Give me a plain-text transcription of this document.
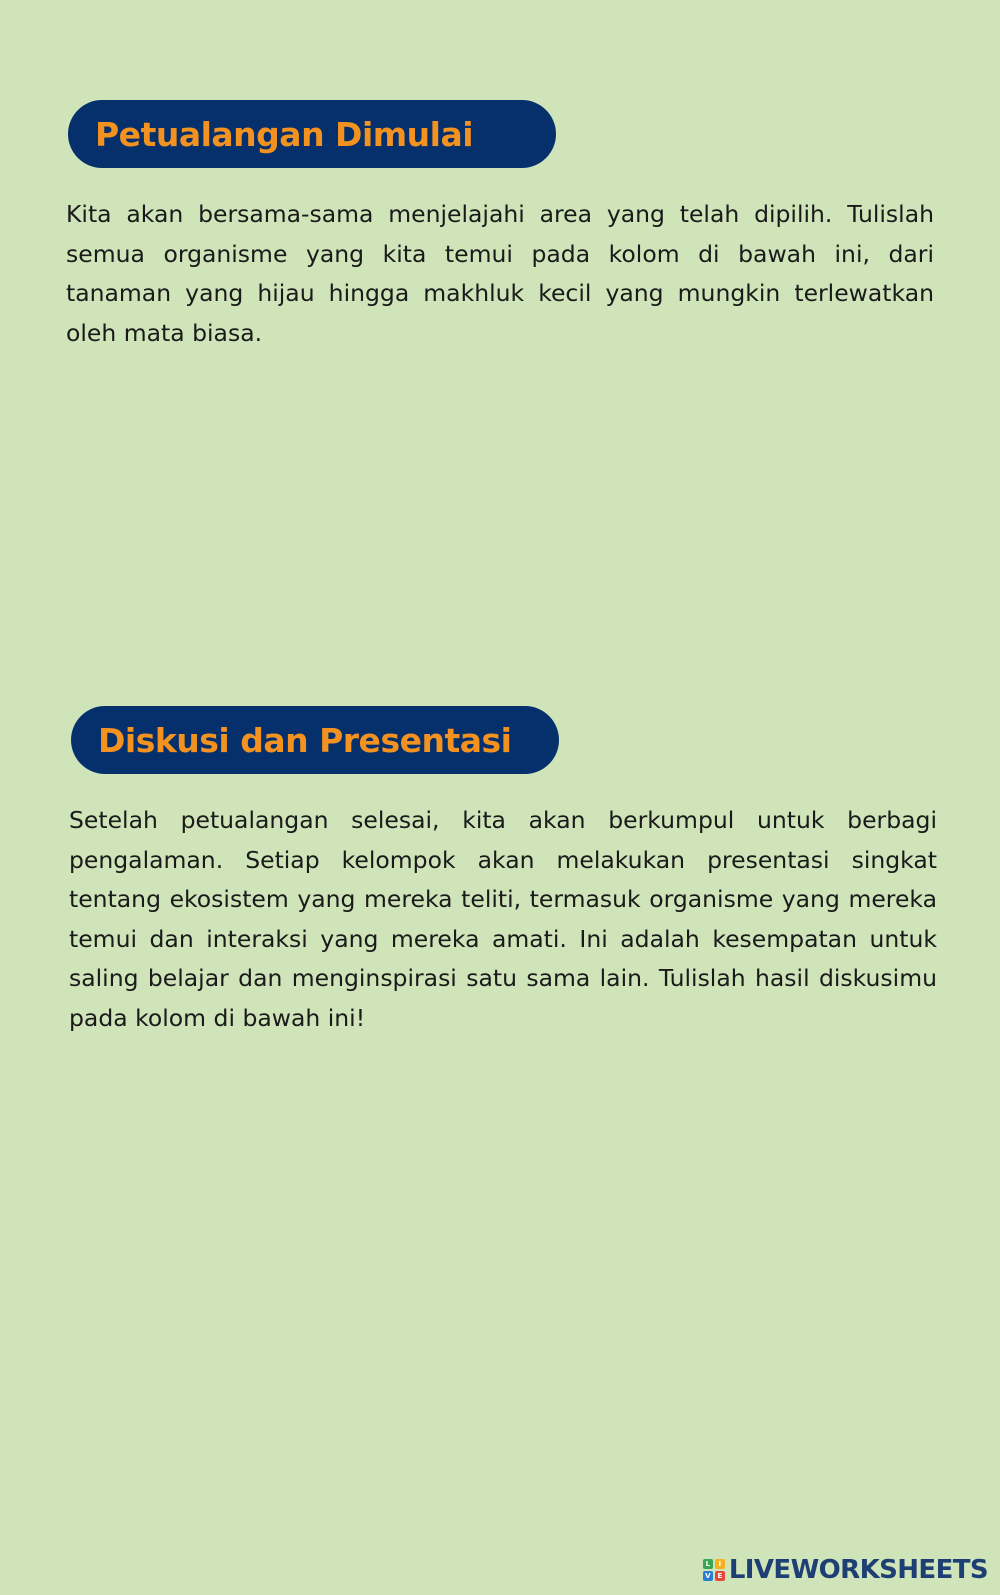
Petualangan Dimulai

Kita akan bersama-sama menjelajahi area yang telah dipilih. Tulislah semua organisme yang kita temui pada kolom di bawah ini, dari tanaman yang hijau hingga makhluk kecil yang mungkin terlewatkan oleh mata biasa.

Diskusi dan Presentasi

Setelah petualangan selesai, kita akan berkumpul untuk berbagi pengalaman. Setiap kelompok akan melakukan presentasi singkat tentang ekosistem yang mereka teliti, termasuk organisme yang mereka temui dan interaksi yang mereka amati. Ini adalah kesempatan untuk saling belajar dan menginspirasi satu sama lain. Tulislah hasil diskusimu pada kolom di bawah ini!

L	I
V E LIVEWORKSHEETS
